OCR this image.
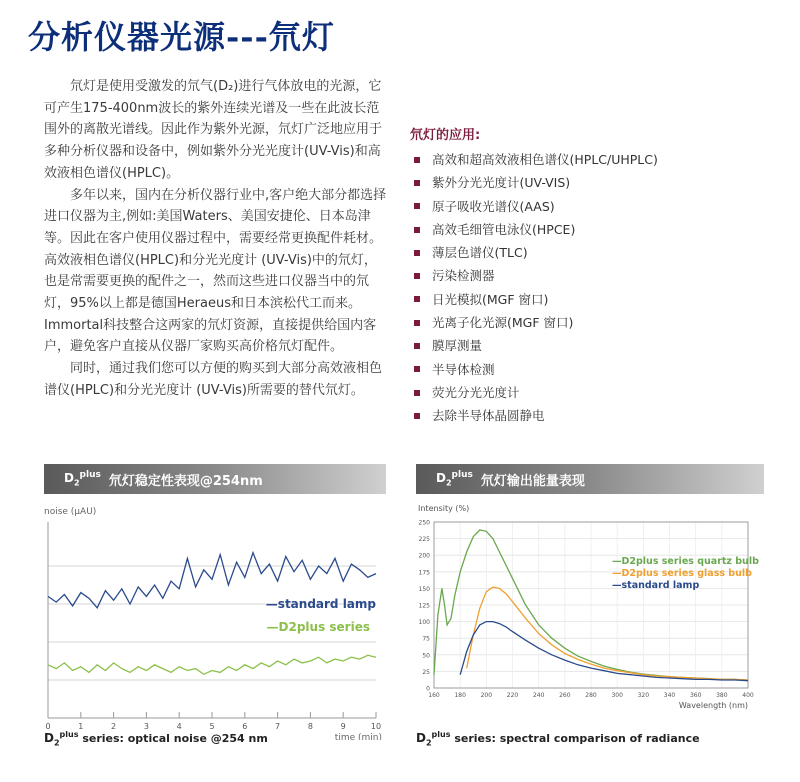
分析仪器光源---氘灯

氘灯是使用受激发的氘气(D₂)进行气体放电的光源，它可产生175-400nm波长的紫外连续光谱及一些在此波长范围外的离散光谱线。因此作为紫外光源，氘灯广泛地应用于多种分析仪器和设备中，例如紫外分光光度计(UV-Vis)和高效液相色谱仪(HPLC)。

多年以来，国内在分析仪器行业中,客户绝大部分都选择进口仪器为主,例如:美国Waters、美国安捷伦、日本岛津等。因此在客户使用仪器过程中，需要经常更换配件耗材。高效液相色谱仪(HPLC)和分光光度计 (UV-Vis)中的氘灯，也是常需要更换的配件之一，然而这些进口仪器当中的氘灯，95%以上都是德国Heraeus和日本滨松代工而来。Immortal科技整合这两家的氘灯资源，直接提供给国内客户，避免客户直接从仪器厂家购买高价格氘灯配件。

同时，通过我们您可以方便的购买到大部分高效液相色谱仪(HPLC)和分光光度计 (UV-Vis)所需要的替代氘灯。

氘灯的应用:
高效和超高效液相色谱仪(HPLC/UHPLC)
紫外分光光度计(UV-VIS)
原子吸收光谱仪(AAS)
高效毛细管电泳仪(HPCE)
薄层色谱仪(TLC)
污染检测器
日光模拟(MGF 窗口)
光离子化光源(MGF 窗口)
膜厚测量
半导体检测
荧光分光光度计
去除半导体晶圆静电
$D_2^{plus}$ 氘灯稳定性表现@254nm
noise (µAU)
0	1	2	3	4	5	6	7	8	9	10
time (min)
—standard lamp
—D2plus series
$D_2^{plus}$ series: optical noise @254 nm
$D_2^{plus}$ 氘灯输出能量表现
Intensity (%)
0
25
50
75
100
125
150
175
200
225
250
160 180 200 220 240 260 280 300 320 340 360 380 400
Wavelength (nm)
—D2plus series quartz bulb
—D2plus series glass bulb
—standard lamp
$D_2^{plus}$ series: spectral comparison of radiance
